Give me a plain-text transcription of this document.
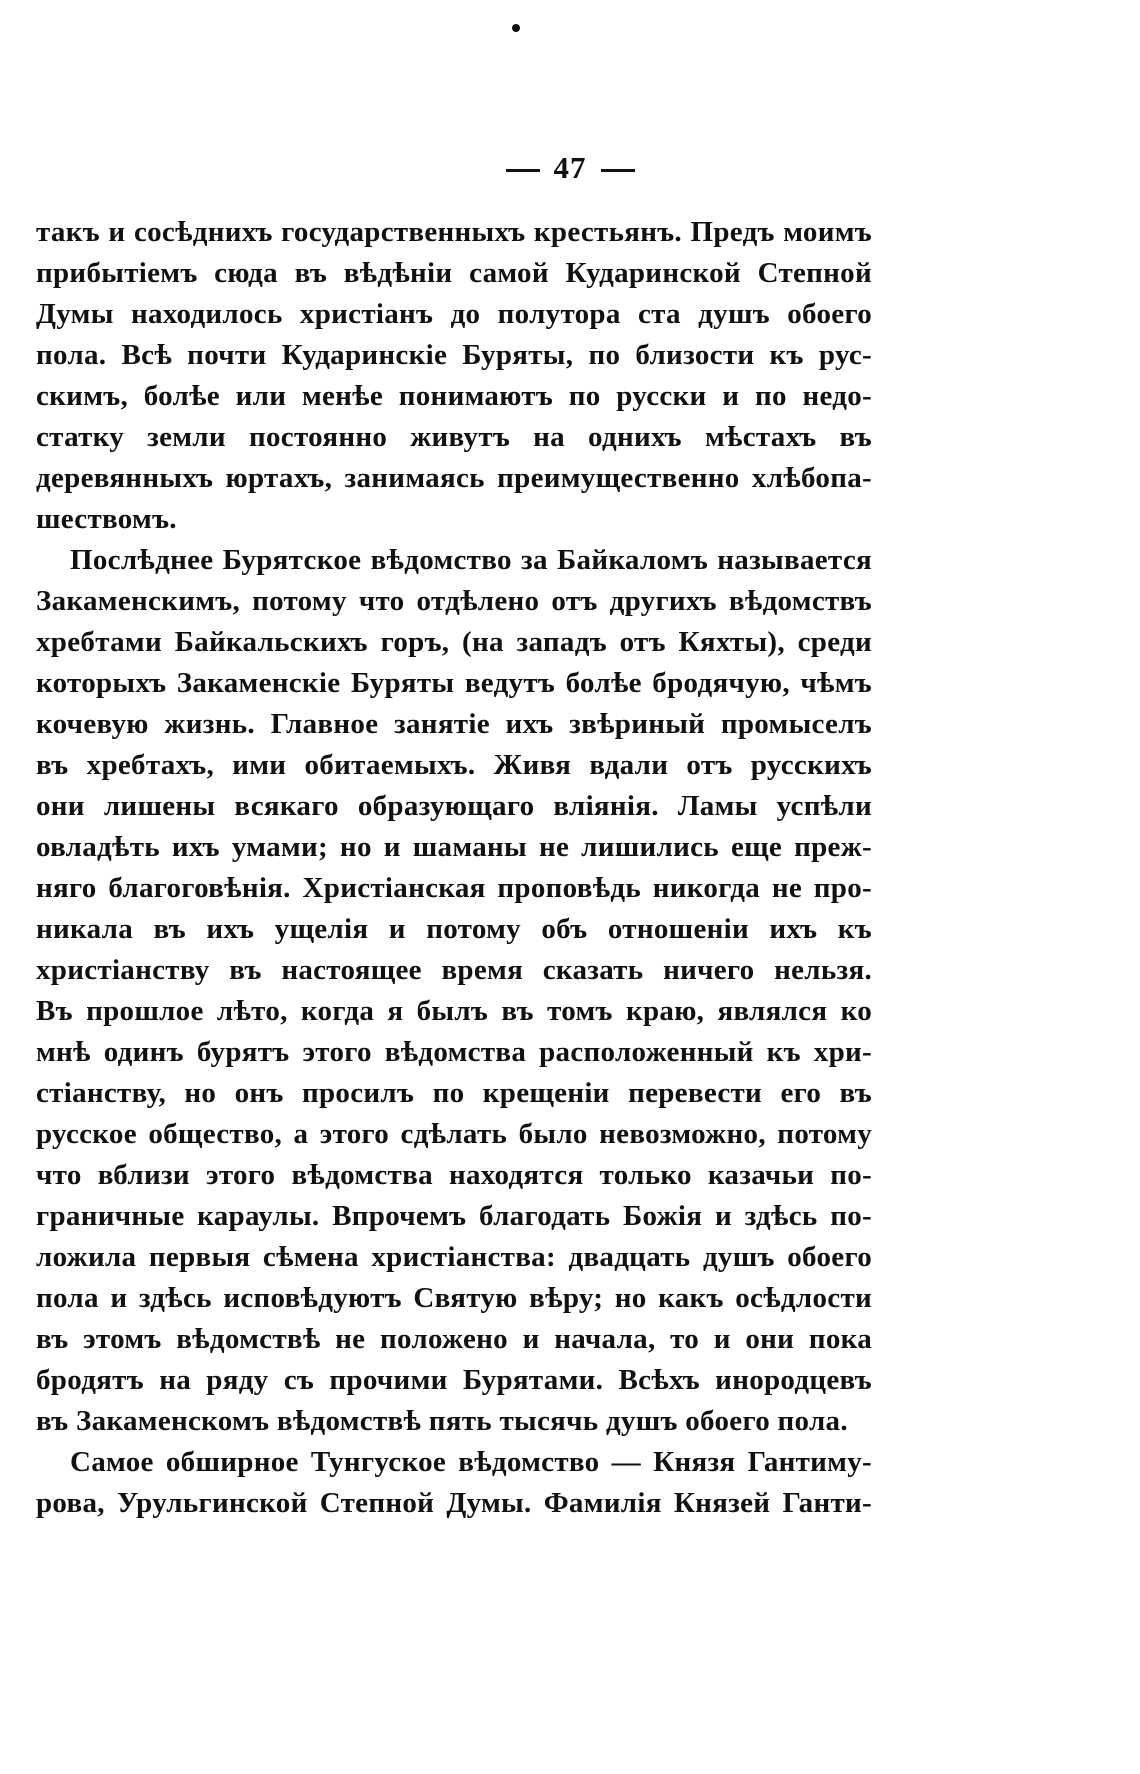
47
такъ и сосѣднихъ государственныхъ крестьянъ. Предъ моимъ
прибытіемъ сюда въ вѣдѣніи самой Кударинской Степной
Думы находилось христіанъ до полутора ста душъ обоего
пола. Всѣ почти Кударинскіе Буряты, по близости къ рус-
скимъ, болѣе или менѣе понимаютъ по русски и по недо-
статку земли постоянно живутъ на однихъ мѣстахъ въ
деревянныхъ юртахъ, занимаясь преимущественно хлѣбопа-
шествомъ.
Послѣднее Бурятское вѣдомство за Байкаломъ называется
Закаменскимъ, потому что отдѣлено отъ другихъ вѣдомствъ
хребтами Байкальскихъ горъ, (на западъ отъ Кяхты), среди
которыхъ Закаменскіе Буряты ведутъ болѣе бродячую, чѣмъ
кочевую жизнь. Главное занятіе ихъ звѣриный промыселъ
въ хребтахъ, ими обитаемыхъ. Живя вдали отъ русскихъ
они лишены всякаго образующаго вліянія. Ламы успѣли
овладѣть ихъ умами; но и шаманы не лишились еще преж-
няго благоговѣнія. Христіанская проповѣдь никогда не про-
никала въ ихъ ущелія и потому объ отношеніи ихъ къ
христіанству въ настоящее время сказать ничего нельзя.
Въ прошлое лѣто, когда я былъ въ томъ краю, являлся ко
мнѣ одинъ бурятъ этого вѣдомства расположенный къ хри-
стіанству, но онъ просилъ по крещеніи перевести его въ
русское общество, а этого сдѣлать было невозможно, потому
что вблизи этого вѣдомства находятся только казачьи по-
граничные караулы. Впрочемъ благодать Божія и здѣсь по-
ложила первыя сѣмена христіанства: двадцать душъ обоего
пола и здѣсь исповѣдуютъ Святую вѣру; но какъ осѣдлости
въ этомъ вѣдомствѣ не положено и начала, то и они пока
бродятъ на ряду съ прочими Бурятами. Всѣхъ инородцевъ
въ Закаменскомъ вѣдомствѣ пять тысячь душъ обоего пола.
Самое обширное Тунгуское вѣдомство — Князя Гантиму-
рова, Урульгинской Степной Думы. Фамилія Князей Ганти-
